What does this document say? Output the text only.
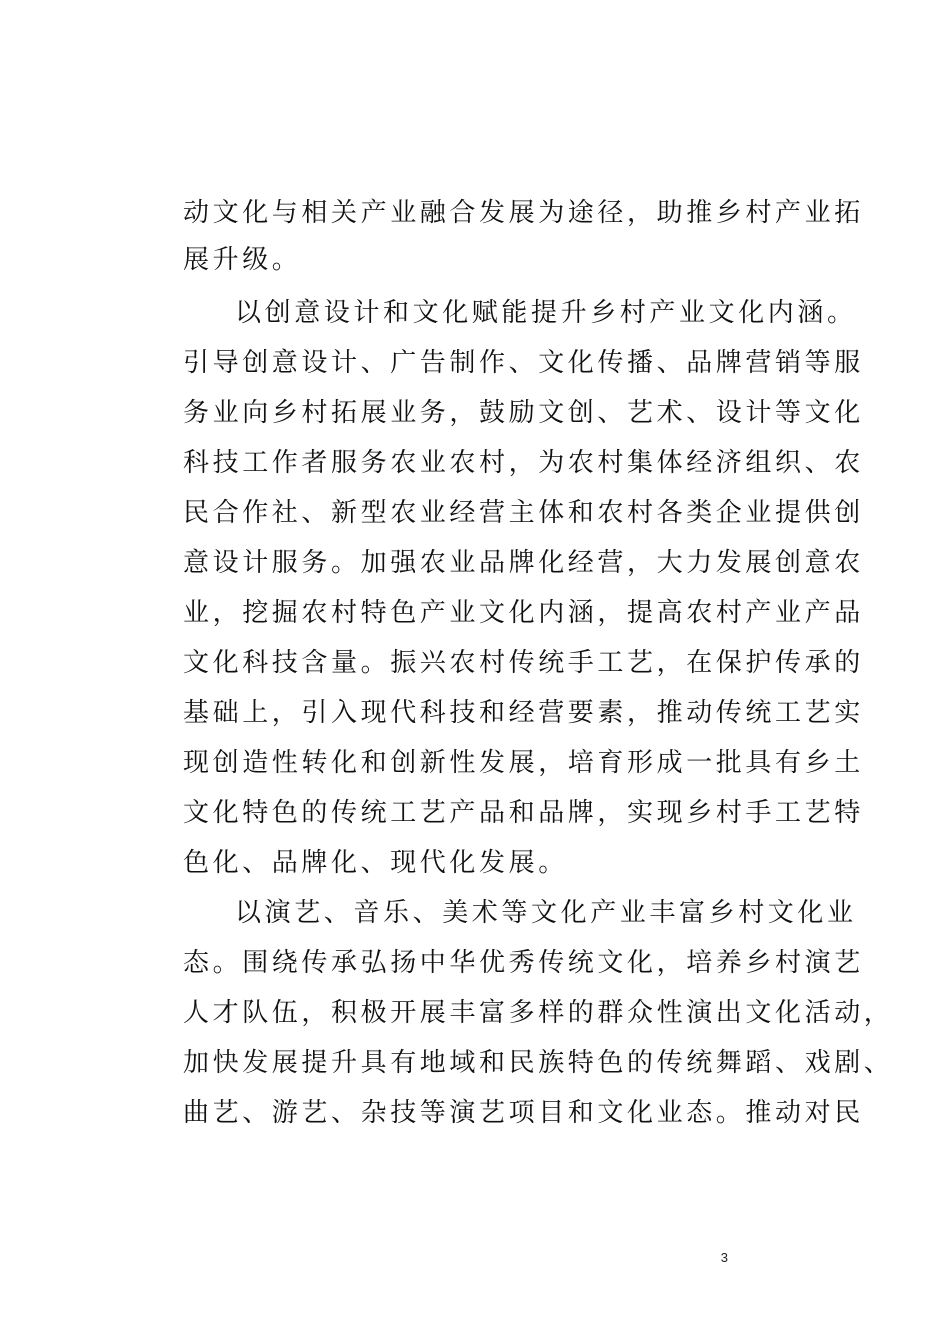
动文化与相关产业融合发展为途径，助推乡村产业拓
展升级。
以创意设计和文化赋能提升乡村产业文化内涵。
引导创意设计、广告制作、文化传播、品牌营销等服
务业向乡村拓展业务，鼓励文创、艺术、设计等文化
科技工作者服务农业农村，为农村集体经济组织、农
民合作社、新型农业经营主体和农村各类企业提供创
意设计服务。加强农业品牌化经营，大力发展创意农
业，挖掘农村特色产业文化内涵，提高农村产业产品
文化科技含量。振兴农村传统手工艺，在保护传承的
基础上，引入现代科技和经营要素，推动传统工艺实
现创造性转化和创新性发展，培育形成一批具有乡土
文化特色的传统工艺产品和品牌，实现乡村手工艺特
色化、品牌化、现代化发展。
以演艺、音乐、美术等文化产业丰富乡村文化业
态。围绕传承弘扬中华优秀传统文化，培养乡村演艺
人才队伍，积极开展丰富多样的群众性演出文化活动，
加快发展提升具有地域和民族特色的传统舞蹈、戏剧、
曲艺、游艺、杂技等演艺项目和文化业态。推动对民
3
